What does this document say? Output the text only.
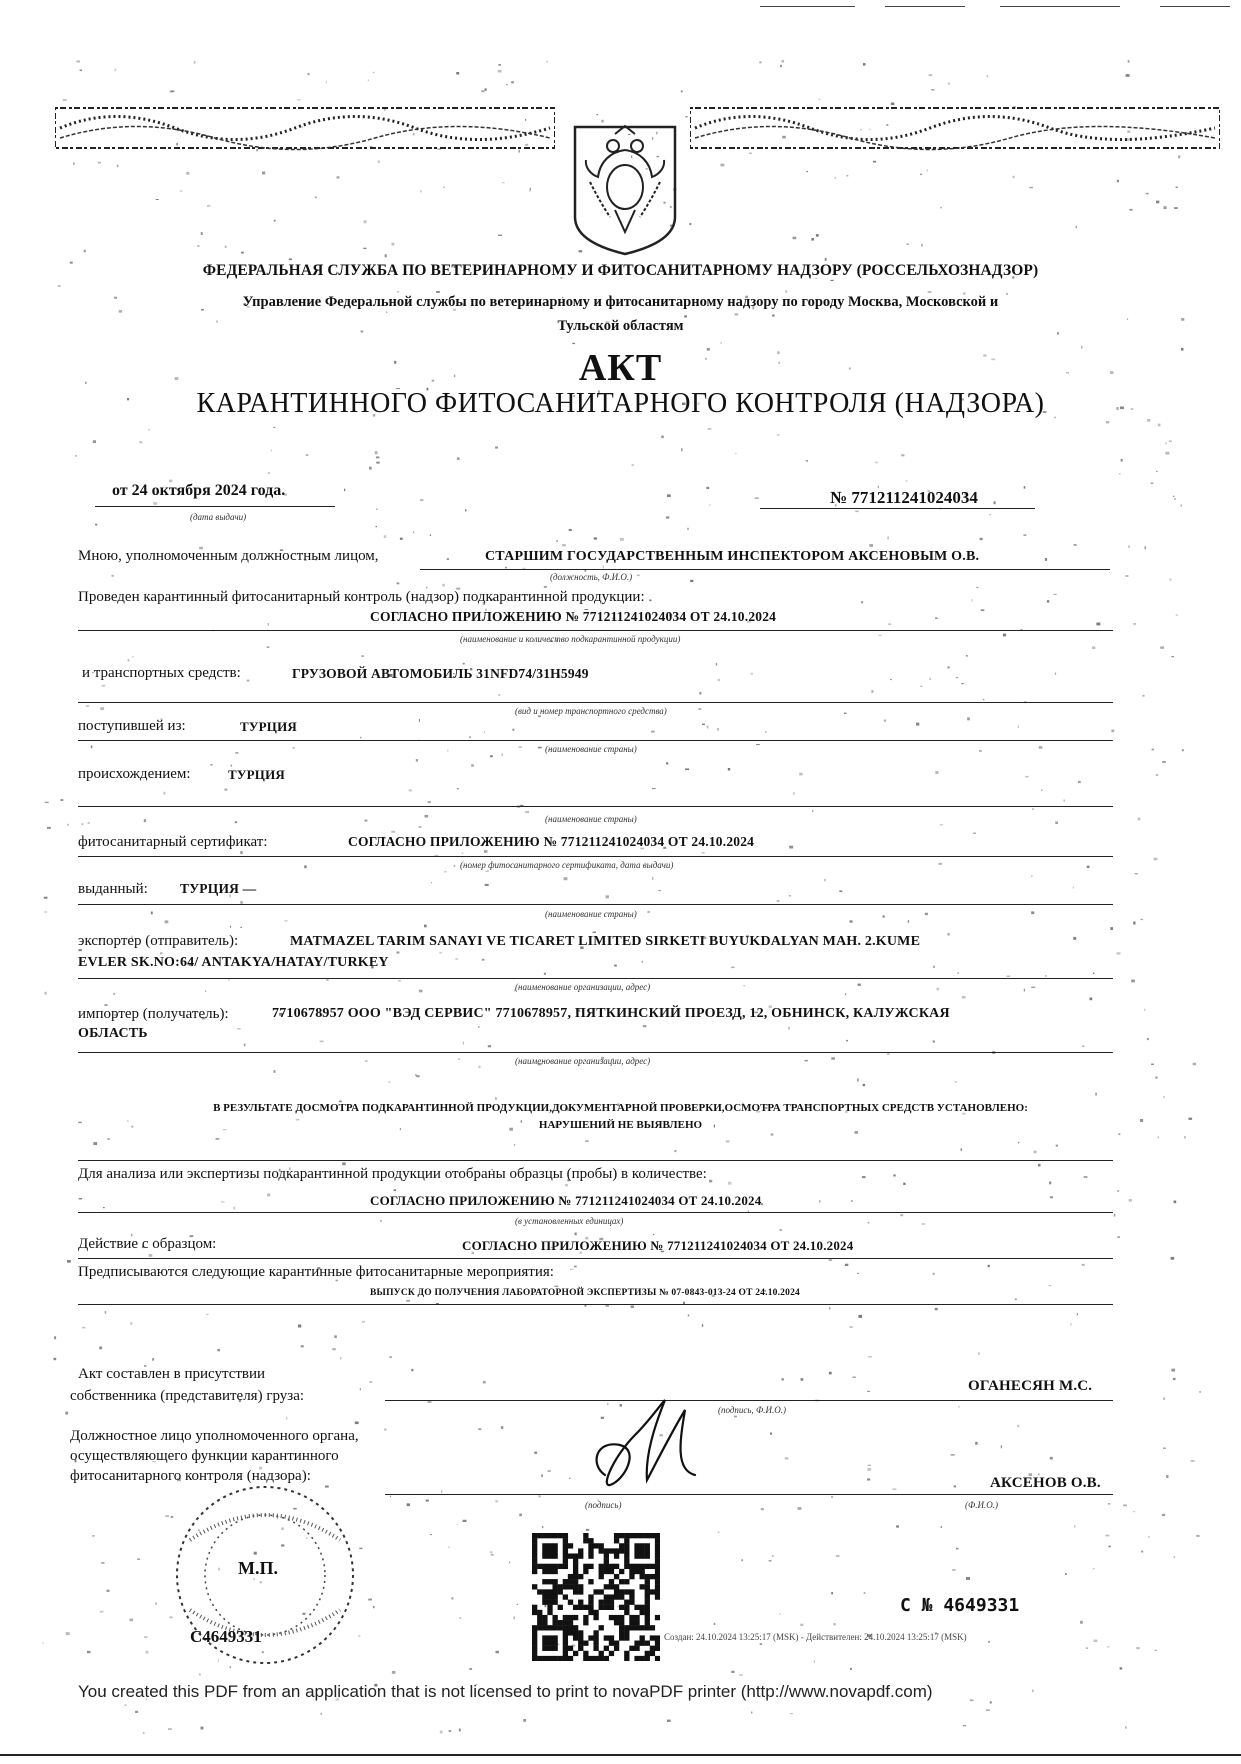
ФЕДЕРАЛЬНАЯ СЛУЖБА ПО ВЕТЕРИНАРНОМУ И ФИТОСАНИТАРНОМУ НАДЗОРУ (РОССЕЛЬХОЗНАДЗОР)
Управление Федеральной службы по ветеринарному и фитосанитарному надзору по городу Москва, Московской и
Тульской областям
АКТ
КАРАНТИННОГО ФИТОСАНИТАРНОГО КОНТРОЛЯ (НАДЗОРА)
от 24 октября 2024 года.
(дата выдачи)
№ 771211241024034
Мною, уполномоченным должностным лицом,	СТАРШИМ ГОСУДАРСТВЕННЫМ ИНСПЕКТОРОМ АКСЕНОВЫМ О.В.
(должность, Ф.И.О.)
Проведен карантинный фитосанитарный контроль (надзор) подкарантинной продукции:
СОГЛАСНО ПРИЛОЖЕНИЮ № 771211241024034 ОТ 24.10.2024
(наименование и количество подкарантинной продукции)
и транспортных средств:	ГРУЗОВОЙ АВТОМОБИЛЬ 31NFD74/31H5949
(вид и номер транспортного средства)
поступившей из:	ТУРЦИЯ
(наименование страны)
происхождением:	ТУРЦИЯ
(наименование страны)
фитосанитарный сертификат:	СОГЛАСНО ПРИЛОЖЕНИЮ № 771211241024034 ОТ 24.10.2024
(номер фитосанитарного сертификата, дата выдачи)
выданный: ТУРЦИЯ —
(наименование страны)
экспортер (отправитель):	MATMAZEL TARIM SANAYI VE TICARET LIMITED SIRKETI BUYUKDALYAN MAH. 2.KUME
EVLER SK.NO:64/ ANTAKYA/HATAY/TURKEY
(наименование организации, адрес)
импортер (получатель):	7710678957 ООО "ВЭД СЕРВИС" 7710678957, ПЯТКИНСКИЙ ПРОЕЗД, 12, ОБНИНСК, КАЛУЖСКАЯ
ОБЛАСТЬ
(наименование организации, адрес)
В РЕЗУЛЬТАТЕ ДОСМОТРА ПОДКАРАНТИННОЙ ПРОДУКЦИИ,ДОКУМЕНТАРНОЙ ПРОВЕРКИ,ОСМОТРА ТРАНСПОРТНЫХ СРЕДСТВ УСТАНОВЛЕНО:
НАРУШЕНИЙ НЕ ВЫЯВЛЕНО
Для анализа или экспертизы подкарантинной продукции отобраны образцы (пробы) в количестве:
СОГЛАСНО ПРИЛОЖЕНИЮ № 771211241024034 ОТ 24.10.2024
(в установленных единицах)
Действие с образцом:	СОГЛАСНО ПРИЛОЖЕНИЮ № 771211241024034 ОТ 24.10.2024
Предписываются следующие карантинные фитосанитарные мероприятия:
ВЫПУСК ДО ПОЛУЧЕНИЯ ЛАБОРАТОРНОЙ ЭКСПЕРТИЗЫ № 07-0843-013-24 ОТ 24.10.2024
Акт составлен в присутствии
собственника (представителя) груза:
ОГАНЕСЯН М.С.
(подпись, Ф.И.О.)
Должностное лицо уполномоченного органа,
осуществляющего функции карантинного
фитосанитарного контроля (надзора):
(подпись)
АКСЕНОВ О.В.
(Ф.И.О.)
М.П.
С4649331
С № 4649331
Создан: 24.10.2024 13:25:17 (MSK) - Действителен: 24.10.2024 13:25:17 (MSK)
You created this PDF from an application that is not licensed to print to novaPDF printer (http://www.novapdf.com)
